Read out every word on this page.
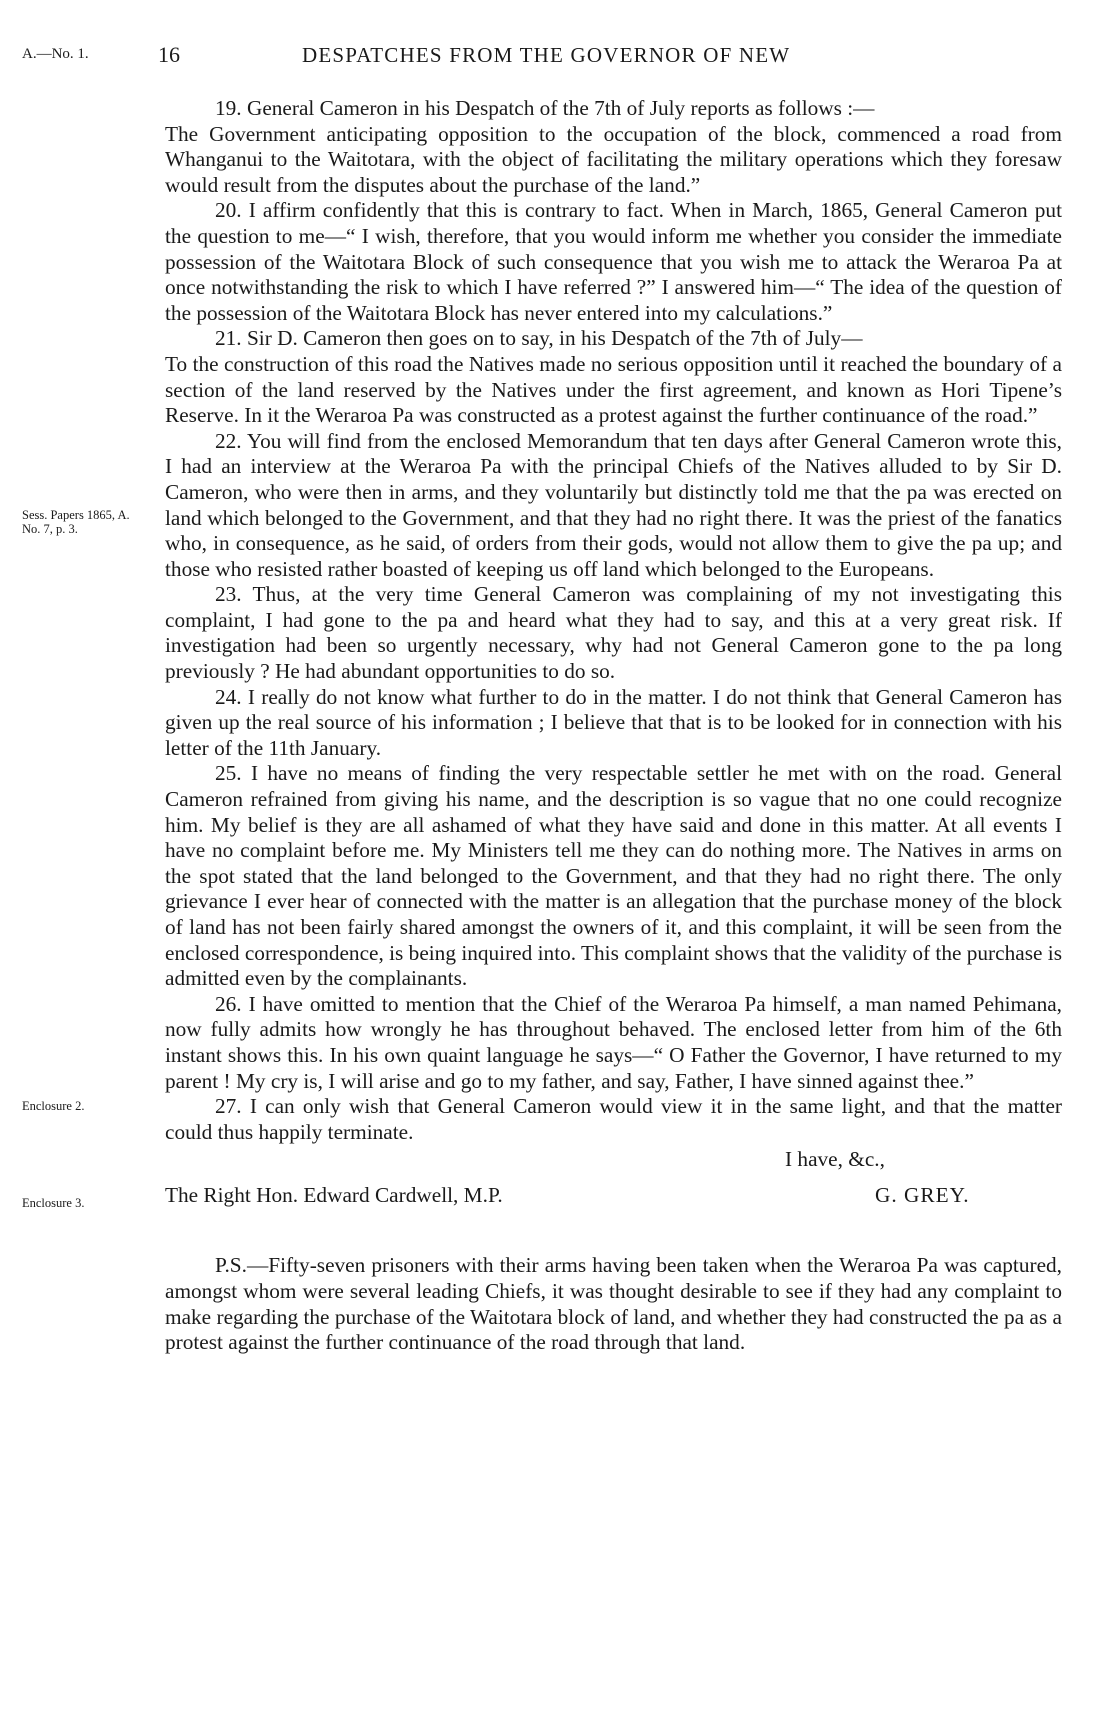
A.—No. 1.	16	DESPATCHES FROM THE GOVERNOR OF NEW
Sess. Papers 1865, A. No. 7, p. 3.
Enclosure 2.
Enclosure 3.

19. General Cameron in his Despatch of the 7th of July reports as follows :—

The Government anticipating opposition to the occupation of the block, commenced a road from Whanganui to the Waitotara, with the object of facilitating the military operations which they foresaw would result from the disputes about the purchase of the land.”

20. I affirm confidently that this is contrary to fact. When in March, 1865, General Cameron put the question to me—“ I wish, therefore, that you would inform me whether you consider the immediate possession of the Waitotara Block of such consequence that you wish me to attack the Weraroa Pa at once notwithstanding the risk to which I have referred ?” I answered him—“ The idea of the question of the possession of the Waitotara Block has never entered into my calculations.”

21. Sir D. Cameron then goes on to say, in his Despatch of the 7th of July—

To the construction of this road the Natives made no serious opposition until it reached the boundary of a section of the land reserved by the Natives under the first agreement, and known as Hori Tipene’s Reserve. In it the Weraroa Pa was constructed as a protest against the further continuance of the road.”

22. You will find from the enclosed Memorandum that ten days after General Cameron wrote this, I had an interview at the Weraroa Pa with the principal Chiefs of the Natives alluded to by Sir D. Cameron, who were then in arms, and they voluntarily but distinctly told me that the pa was erected on land which belonged to the Government, and that they had no right there. It was the priest of the fanatics who, in consequence, as he said, of orders from their gods, would not allow them to give the pa up; and those who resisted rather boasted of keeping us off land which belonged to the Europeans.

23. Thus, at the very time General Cameron was complaining of my not investigating this complaint, I had gone to the pa and heard what they had to say, and this at a very great risk. If investigation had been so urgently necessary, why had not General Cameron gone to the pa long previously ? He had abundant opportunities to do so.

24. I really do not know what further to do in the matter. I do not think that General Cameron has given up the real source of his information ; I believe that that is to be looked for in connection with his letter of the 11th January.

25. I have no means of finding the very respectable settler he met with on the road. General Cameron refrained from giving his name, and the description is so vague that no one could recognize him. My belief is they are all ashamed of what they have said and done in this matter. At all events I have no complaint before me. My Ministers tell me they can do nothing more. The Natives in arms on the spot stated that the land belonged to the Government, and that they had no right there. The only grievance I ever hear of connected with the matter is an allegation that the purchase money of the block of land has not been fairly shared amongst the owners of it, and this complaint, it will be seen from the enclosed correspondence, is being inquired into. This complaint shows that the validity of the purchase is admitted even by the complainants.

26. I have omitted to mention that the Chief of the Weraroa Pa himself, a man named Pehimana, now fully admits how wrongly he has throughout behaved. The enclosed letter from him of the 6th instant shows this. In his own quaint language he says—“ O Father the Governor, I have returned to my parent ! My cry is, I will arise and go to my father, and say, Father, I have sinned against thee.”

27. I can only wish that General Cameron would view it in the same light, and that the matter could thus happily terminate.

I have, &c.,
The Right Hon. Edward Cardwell, M.P.	G. GREY.

P.S.—Fifty-seven prisoners with their arms having been taken when the Weraroa Pa was captured, amongst whom were several leading Chiefs, it was thought desirable to see if they had any complaint to make regarding the purchase of the Waitotara block of land, and whether they had constructed the pa as a protest against the further continuance of the road through that land.
